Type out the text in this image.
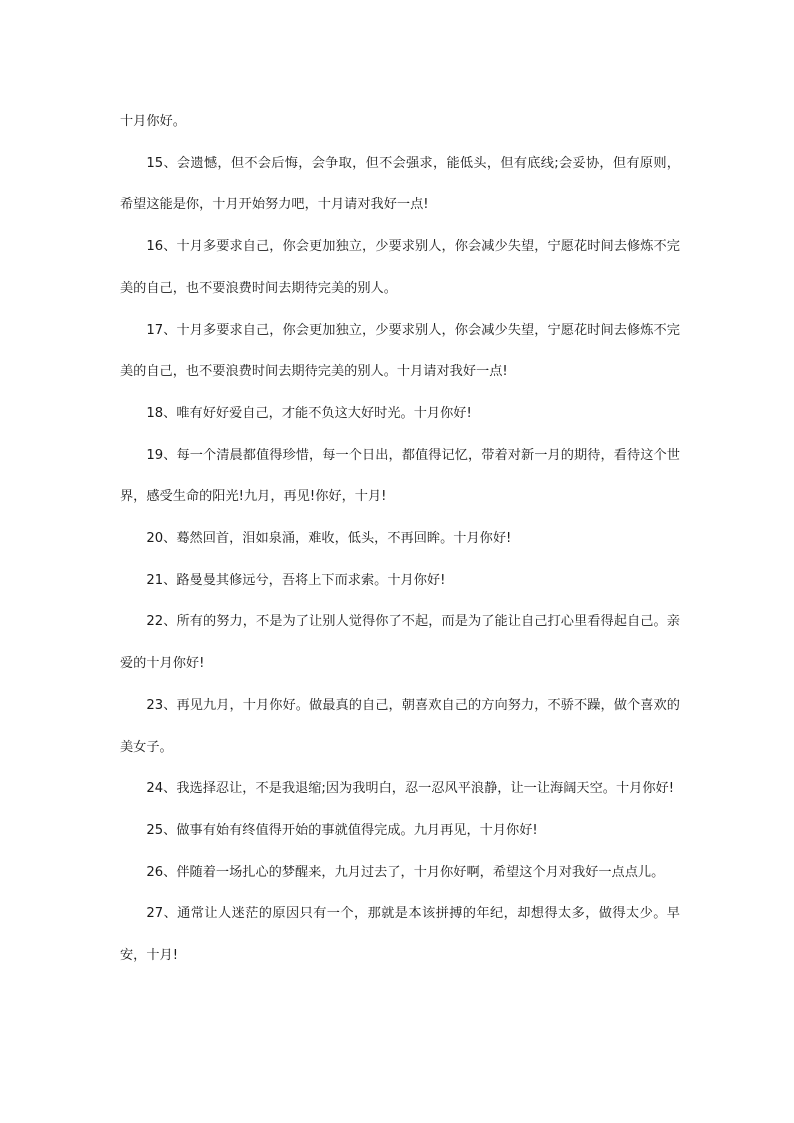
十月你好。

15、会遗憾，但不会后悔，会争取，但不会强求，能低头，但有底线;会妥协，但有原则，希望这能是你，十月开始努力吧，十月请对我好一点!

16、十月多要求自己，你会更加独立，少要求别人，你会减少失望，宁愿花时间去修炼不完美的自己，也不要浪费时间去期待完美的别人。

17、十月多要求自己，你会更加独立，少要求别人，你会减少失望，宁愿花时间去修炼不完美的自己，也不要浪费时间去期待完美的别人。十月请对我好一点!

18、唯有好好爱自己，才能不负这大好时光。十月你好!

19、每一个清晨都值得珍惜，每一个日出，都值得记忆，带着对新一月的期待，看待这个世界，感受生命的阳光!九月，再见!你好，十月!

20、蓦然回首，泪如泉涌，难收，低头，不再回眸。十月你好!

21、路曼曼其修远兮，吾将上下而求索。十月你好!

22、所有的努力，不是为了让别人觉得你了不起，而是为了能让自己打心里看得起自己。亲爱的十月你好!

23、再见九月，十月你好。做最真的自己，朝喜欢自己的方向努力，不骄不躁，做个喜欢的美女子。

24、我选择忍让，不是我退缩;因为我明白，忍一忍风平浪静，让一让海阔天空。十月你好!

25、做事有始有终值得开始的事就值得完成。九月再见，十月你好!

26、伴随着一场扎心的梦醒来，九月过去了，十月你好啊，希望这个月对我好一点点儿。

27、通常让人迷茫的原因只有一个，那就是本该拼搏的年纪，却想得太多，做得太少。早安，十月!
